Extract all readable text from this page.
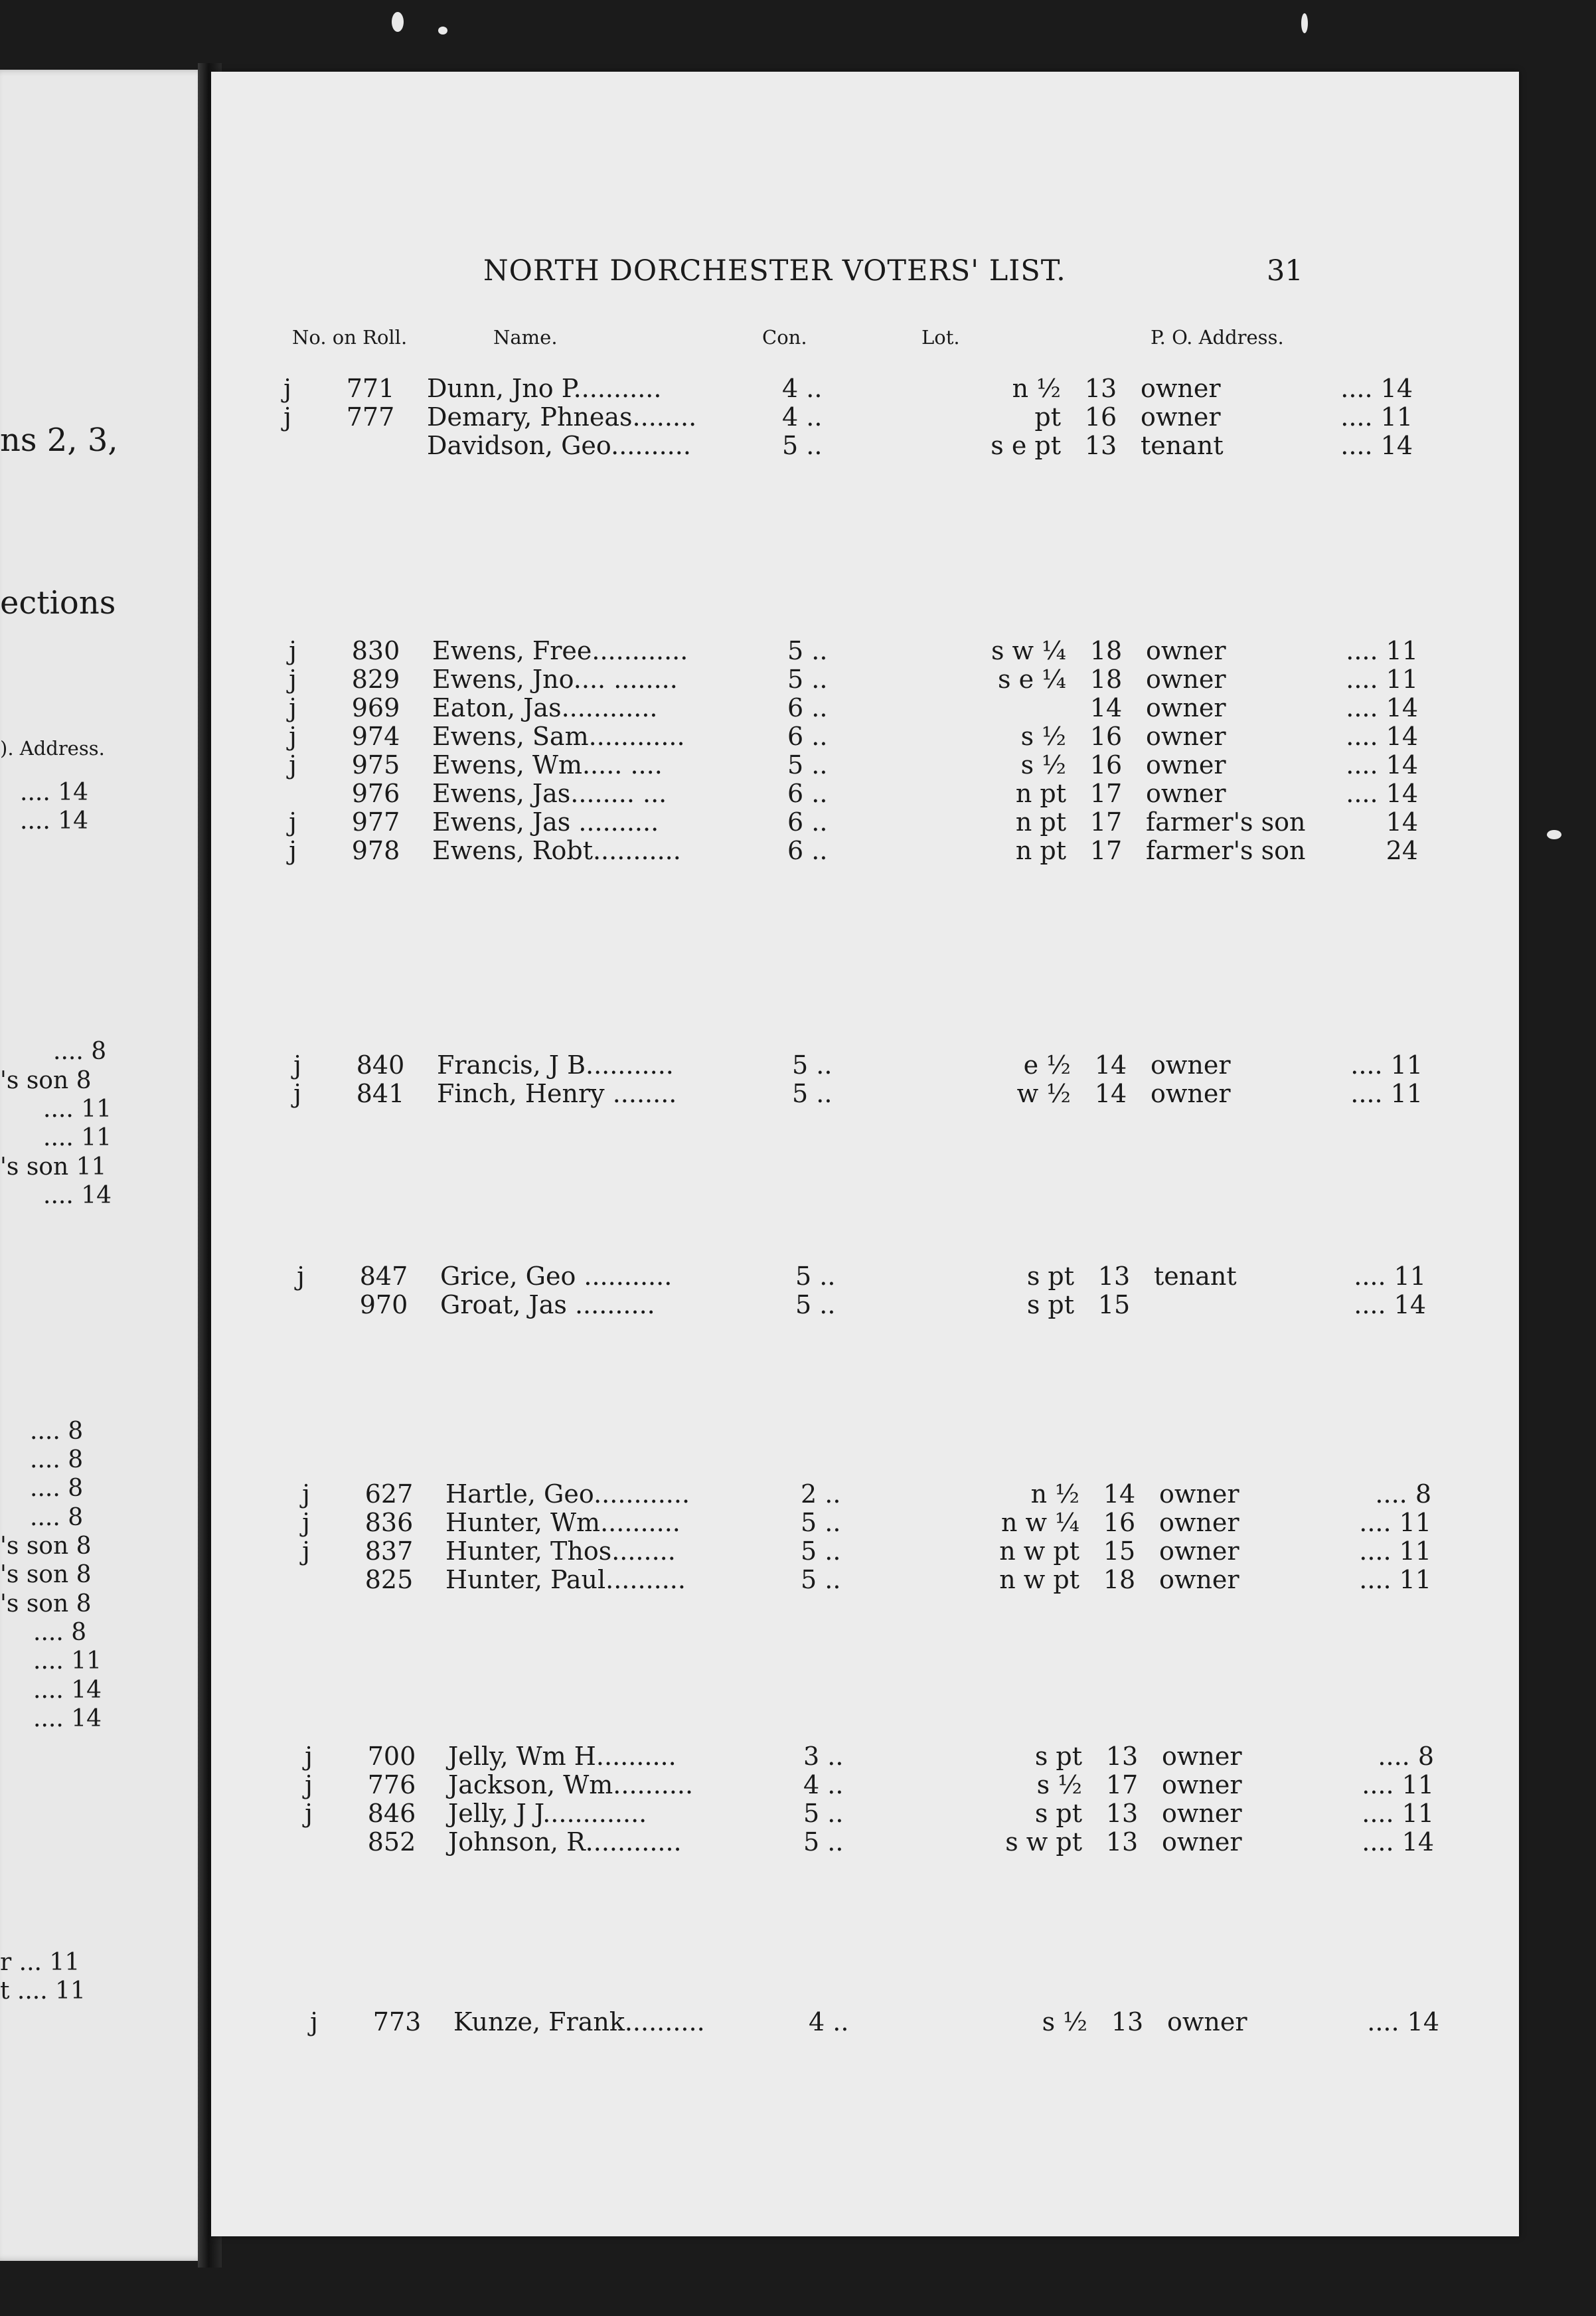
ns 2, 3,
ections
). Address.
.... 14
.... 14
.... 8
's son 8
.... 11
.... 11
's son 11
.... 14
.... 8
.... 8
.... 8
.... 8
's son 8
's son 8
's son 8
.... 8
.... 11
.... 14
.... 14
r ... 11
t .... 11
NORTH DORCHESTER VOTERS' LIST.	31
No. on Roll.	Name.	Con.	Lot.	P. O. Address.
j	771	Dunn, Jno P...........	4 ..	n ½ 13 owner	.... 14
j	777	Demary, Phneas........	4 ..	pt 16 owner	.... 11
Davidson, Geo..........	5 ..	s e pt 13 tenant	.... 14
j	830	Ewens, Free............	5 ..	s w ¼ 18 owner	.... 11
j	829	Ewens, Jno.... ........	5 ..	s e ¼ 18 owner	.... 11
j	969	Eaton, Jas............	6 ..	14 owner	.... 14
j	974	Ewens, Sam............	6 ..	s ½ 16 owner	.... 14
j	975	Ewens, Wm..... ....	5 ..	s ½ 16 owner	.... 14
976	Ewens, Jas........ ...	6 ..	n pt 17 owner	.... 14
j	977	Ewens, Jas ..........	6 ..	n pt 17 farmer's son	14
j	978	Ewens, Robt...........	6 ..	n pt 17 farmer's son	24
j	840	Francis, J B...........	5 ..	e ½ 14 owner	.... 11
j	841	Finch, Henry ........	5 ..	w ½ 14 owner	.... 11
j	847	Grice, Geo ...........	5 ..	s pt 13 tenant	.... 11
970	Groat, Jas ..........	5 ..	s pt 15	.... 14
j	627	Hartle, Geo............	2 ..	n ½ 14 owner	.... 8
j	836	Hunter, Wm..........	5 ..	n w ¼ 16 owner	.... 11
j	837	Hunter, Thos........	5 ..	n w pt 15 owner	.... 11
825	Hunter, Paul..........	5 ..	n w pt 18 owner	.... 11
j	700	Jelly, Wm H..........	3 ..	s pt 13 owner	.... 8
j	776	Jackson, Wm..........	4 ..	s ½ 17 owner	.... 11
j	846	Jelly, J J.............	5 ..	s pt 13 owner	.... 11
852	Johnson, R............	5 ..	s w pt 13 owner	.... 14
j	773	Kunze, Frank..........	4 ..	s ½ 13 owner	.... 14
